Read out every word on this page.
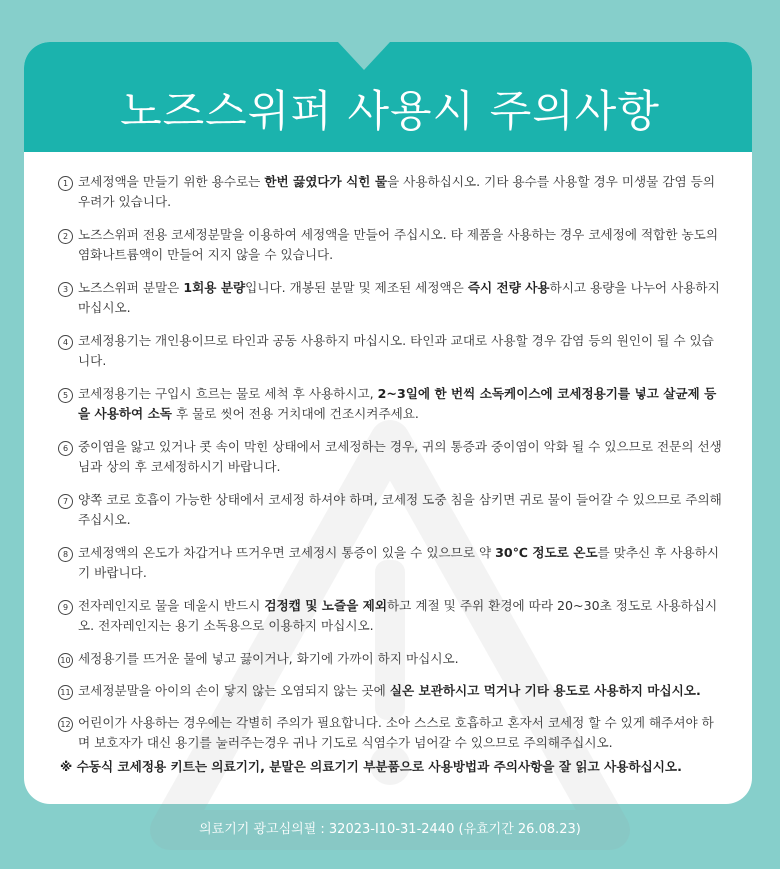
노즈스위퍼 사용시 주의사항
1 코세정액을 만들기 위한 용수로는 한번 끓였다가 식힌 물을 사용하십시오. 기타 용수를 사용할 경우 미생물 감염 등의 우려가 있습니다.
2 노즈스위퍼 전용 코세정분말을 이용하여 세정액을 만들어 주십시오. 타 제품을 사용하는 경우 코세정에 적합한 농도의 염화나트륨액이 만들어 지지 않을 수 있습니다.
3 노즈스위퍼 분말은 1회용 분량입니다. 개봉된 분말 및 제조된 세정액은 즉시 전량 사용하시고 용량을 나누어 사용하지 마십시오.
4 코세정용기는 개인용이므로 타인과 공동 사용하지 마십시오. 타인과 교대로 사용할 경우 감염 등의 원인이 될 수 있습니다.
5 코세정용기는 구입시 흐르는 물로 세척 후 사용하시고, 2~3일에 한 번씩 소독케이스에 코세정용기를 넣고 살균제 등을 사용하여 소독 후 물로 씻어 전용 거치대에 건조시켜주세요.
6 중이염을 앓고 있거나 콧 속이 막힌 상태에서 코세정하는 경우, 귀의 통증과 중이염이 악화 될 수 있으므로 전문의 선생님과 상의 후 코세정하시기 바랍니다.
7 양쪽 코로 호흡이 가능한 상태에서 코세정 하셔야 하며, 코세정 도중 침을 삼키면 귀로 물이 들어갈 수 있으므로 주의해 주십시오.
8 코세정액의 온도가 차갑거나 뜨거우면 코세정시 통증이 있을 수 있으므로 약 30℃ 정도로 온도를 맞추신 후 사용하시기 바랍니다.
9 전자레인지로 물을 데울시 반드시 검정캡 및 노즐을 제외하고 계절 및 주위 환경에 따라 20~30초 정도로 사용하십시오. 전자레인지는 용기 소독용으로 이용하지 마십시오.
10 세정용기를 뜨거운 물에 넣고 끓이거나, 화기에 가까이 하지 마십시오.
11 코세정분말을 아이의 손이 닿지 않는 오염되지 않는 곳에 실온 보관하시고 먹거나 기타 용도로 사용하지 마십시오.
12 어린이가 사용하는 경우에는 각별히 주의가 필요합니다. 소아 스스로 호흡하고 혼자서 코세정 할 수 있게 해주셔야 하며 보호자가 대신 용기를 눌러주는경우 귀나 기도로 식염수가 넘어갈 수 있으므로 주의해주십시오.
※ 수동식 코세정용 키트는 의료기기, 분말은 의료기기 부분품으로 사용방법과 주의사항을 잘 읽고 사용하십시오.
의료기기 광고심의필 : 32023-I10-31-2440 (유효기간 26.08.23)
